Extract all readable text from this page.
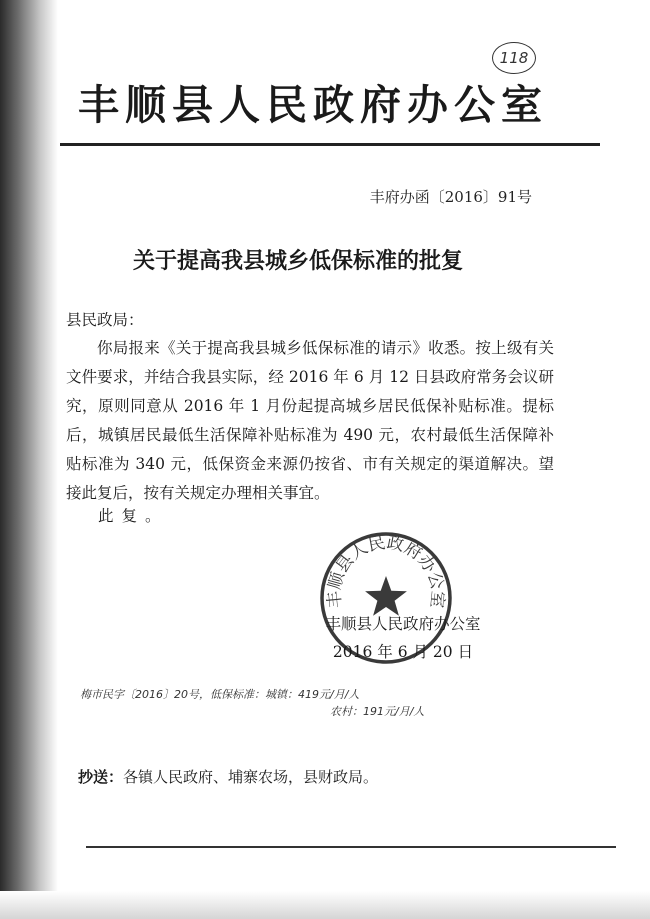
118
丰顺县人民政府办公室
丰府办函〔2016〕91号
关于提高我县城乡低保标准的批复
县民政局：

你局报来《关于提高我县城乡低保标准的请示》收悉。按上级有关文件要求，并结合我县实际，经 2016 年 6 月 12 日县政府常务会议研究，原则同意从 2016 年 1 月份起提高城乡居民低保补贴标准。提标后，城镇居民最低生活保障补贴标准为 490 元，农村最低生活保障补贴标准为 340 元，低保资金来源仍按省、市有关规定的渠道解决。望接此复后，按有关规定办理相关事宜。

此复。
丰顺县人民政府办公室
丰顺县人民政府办公室
2016 年 6 月 20 日
梅市民字〔2016〕20号，低保标准：城镇：419元/月/人
农村：191元/月/人
抄送：各镇人民政府、埔寨农场，县财政局。
